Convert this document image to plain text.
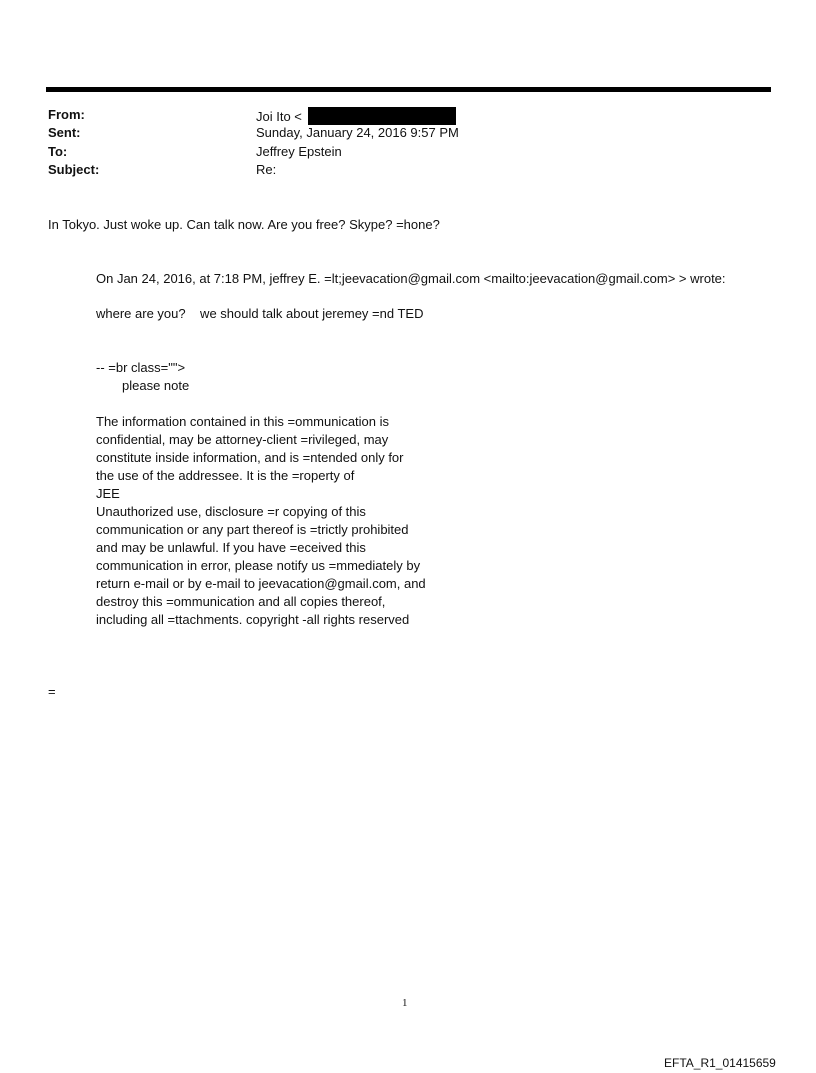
From:	Joi Ito <
Sent:	Sunday, January 24, 2016 9:57 PM
To:	Jeffrey Epstein
Subject:	Re:
In Tokyo. Just woke up. Can talk now. Are you free? Skype? =hone?
On Jan 24, 2016, at 7:18 PM, jeffrey E. =lt;jeevacation@gmail.com <mailto:jeevacation@gmail.com> > wrote:
where are you?    we should talk about jeremey =nd TED
-- =br class="">
please note
The information contained in this =ommunication is
confidential, may be attorney-client =rivileged, may
constitute inside information, and is =ntended only for
the use of the addressee. It is the =roperty of
JEE
Unauthorized use, disclosure =r copying of this
communication or any part thereof is =trictly prohibited
and may be unlawful. If you have =eceived this
communication in error, please notify us =mmediately by
return e-mail or by e-mail to jeevacation@gmail.com, and
destroy this =ommunication and all copies thereof,
including all =ttachments. copyright -all rights reserved
=
1
EFTA_R1_01415659
